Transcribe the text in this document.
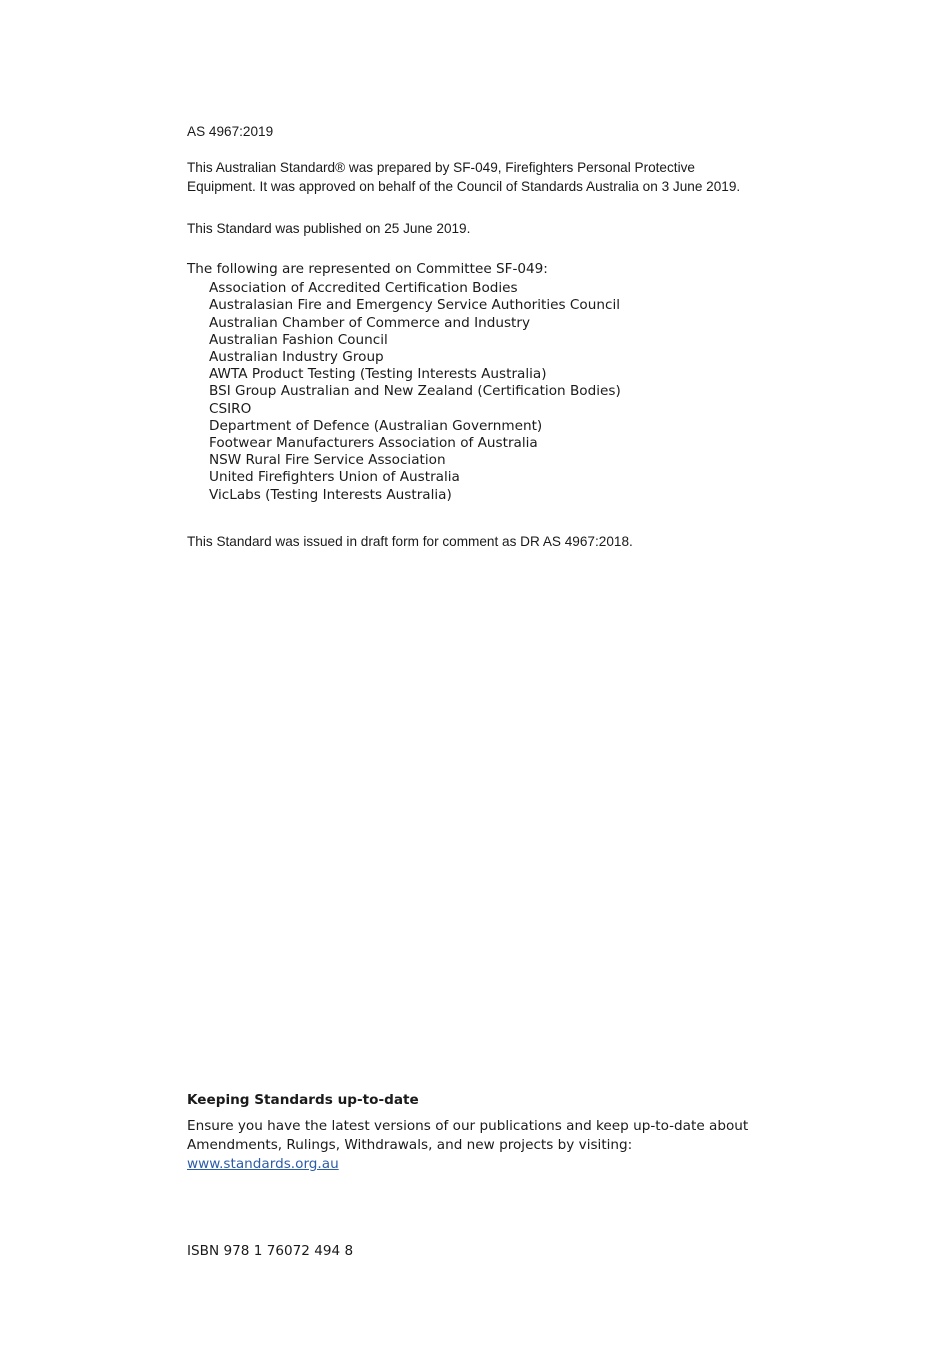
AS 4967:2019
This Australian Standard® was prepared by SF-049, Firefighters Personal Protective Equipment. It was approved on behalf of the Council of Standards Australia on 3 June 2019.
This Standard was published on 25 June 2019.
The following are represented on Committee SF-049:
Association of Accredited Certification Bodies
Australasian Fire and Emergency Service Authorities Council
Australian Chamber of Commerce and Industry
Australian Fashion Council
Australian Industry Group
AWTA Product Testing (Testing Interests Australia)
BSI Group Australian and New Zealand (Certification Bodies)
CSIRO
Department of Defence (Australian Government)
Footwear Manufacturers Association of Australia
NSW Rural Fire Service Association
United Firefighters Union of Australia
VicLabs (Testing Interests Australia)
This Standard was issued in draft form for comment as DR AS 4967:2018.
Keeping Standards up-to-date
Ensure you have the latest versions of our publications and keep up-to-date about Amendments, Rulings, Withdrawals, and new projects by visiting:
www.standards.org.au
ISBN 978 1 76072 494 8
